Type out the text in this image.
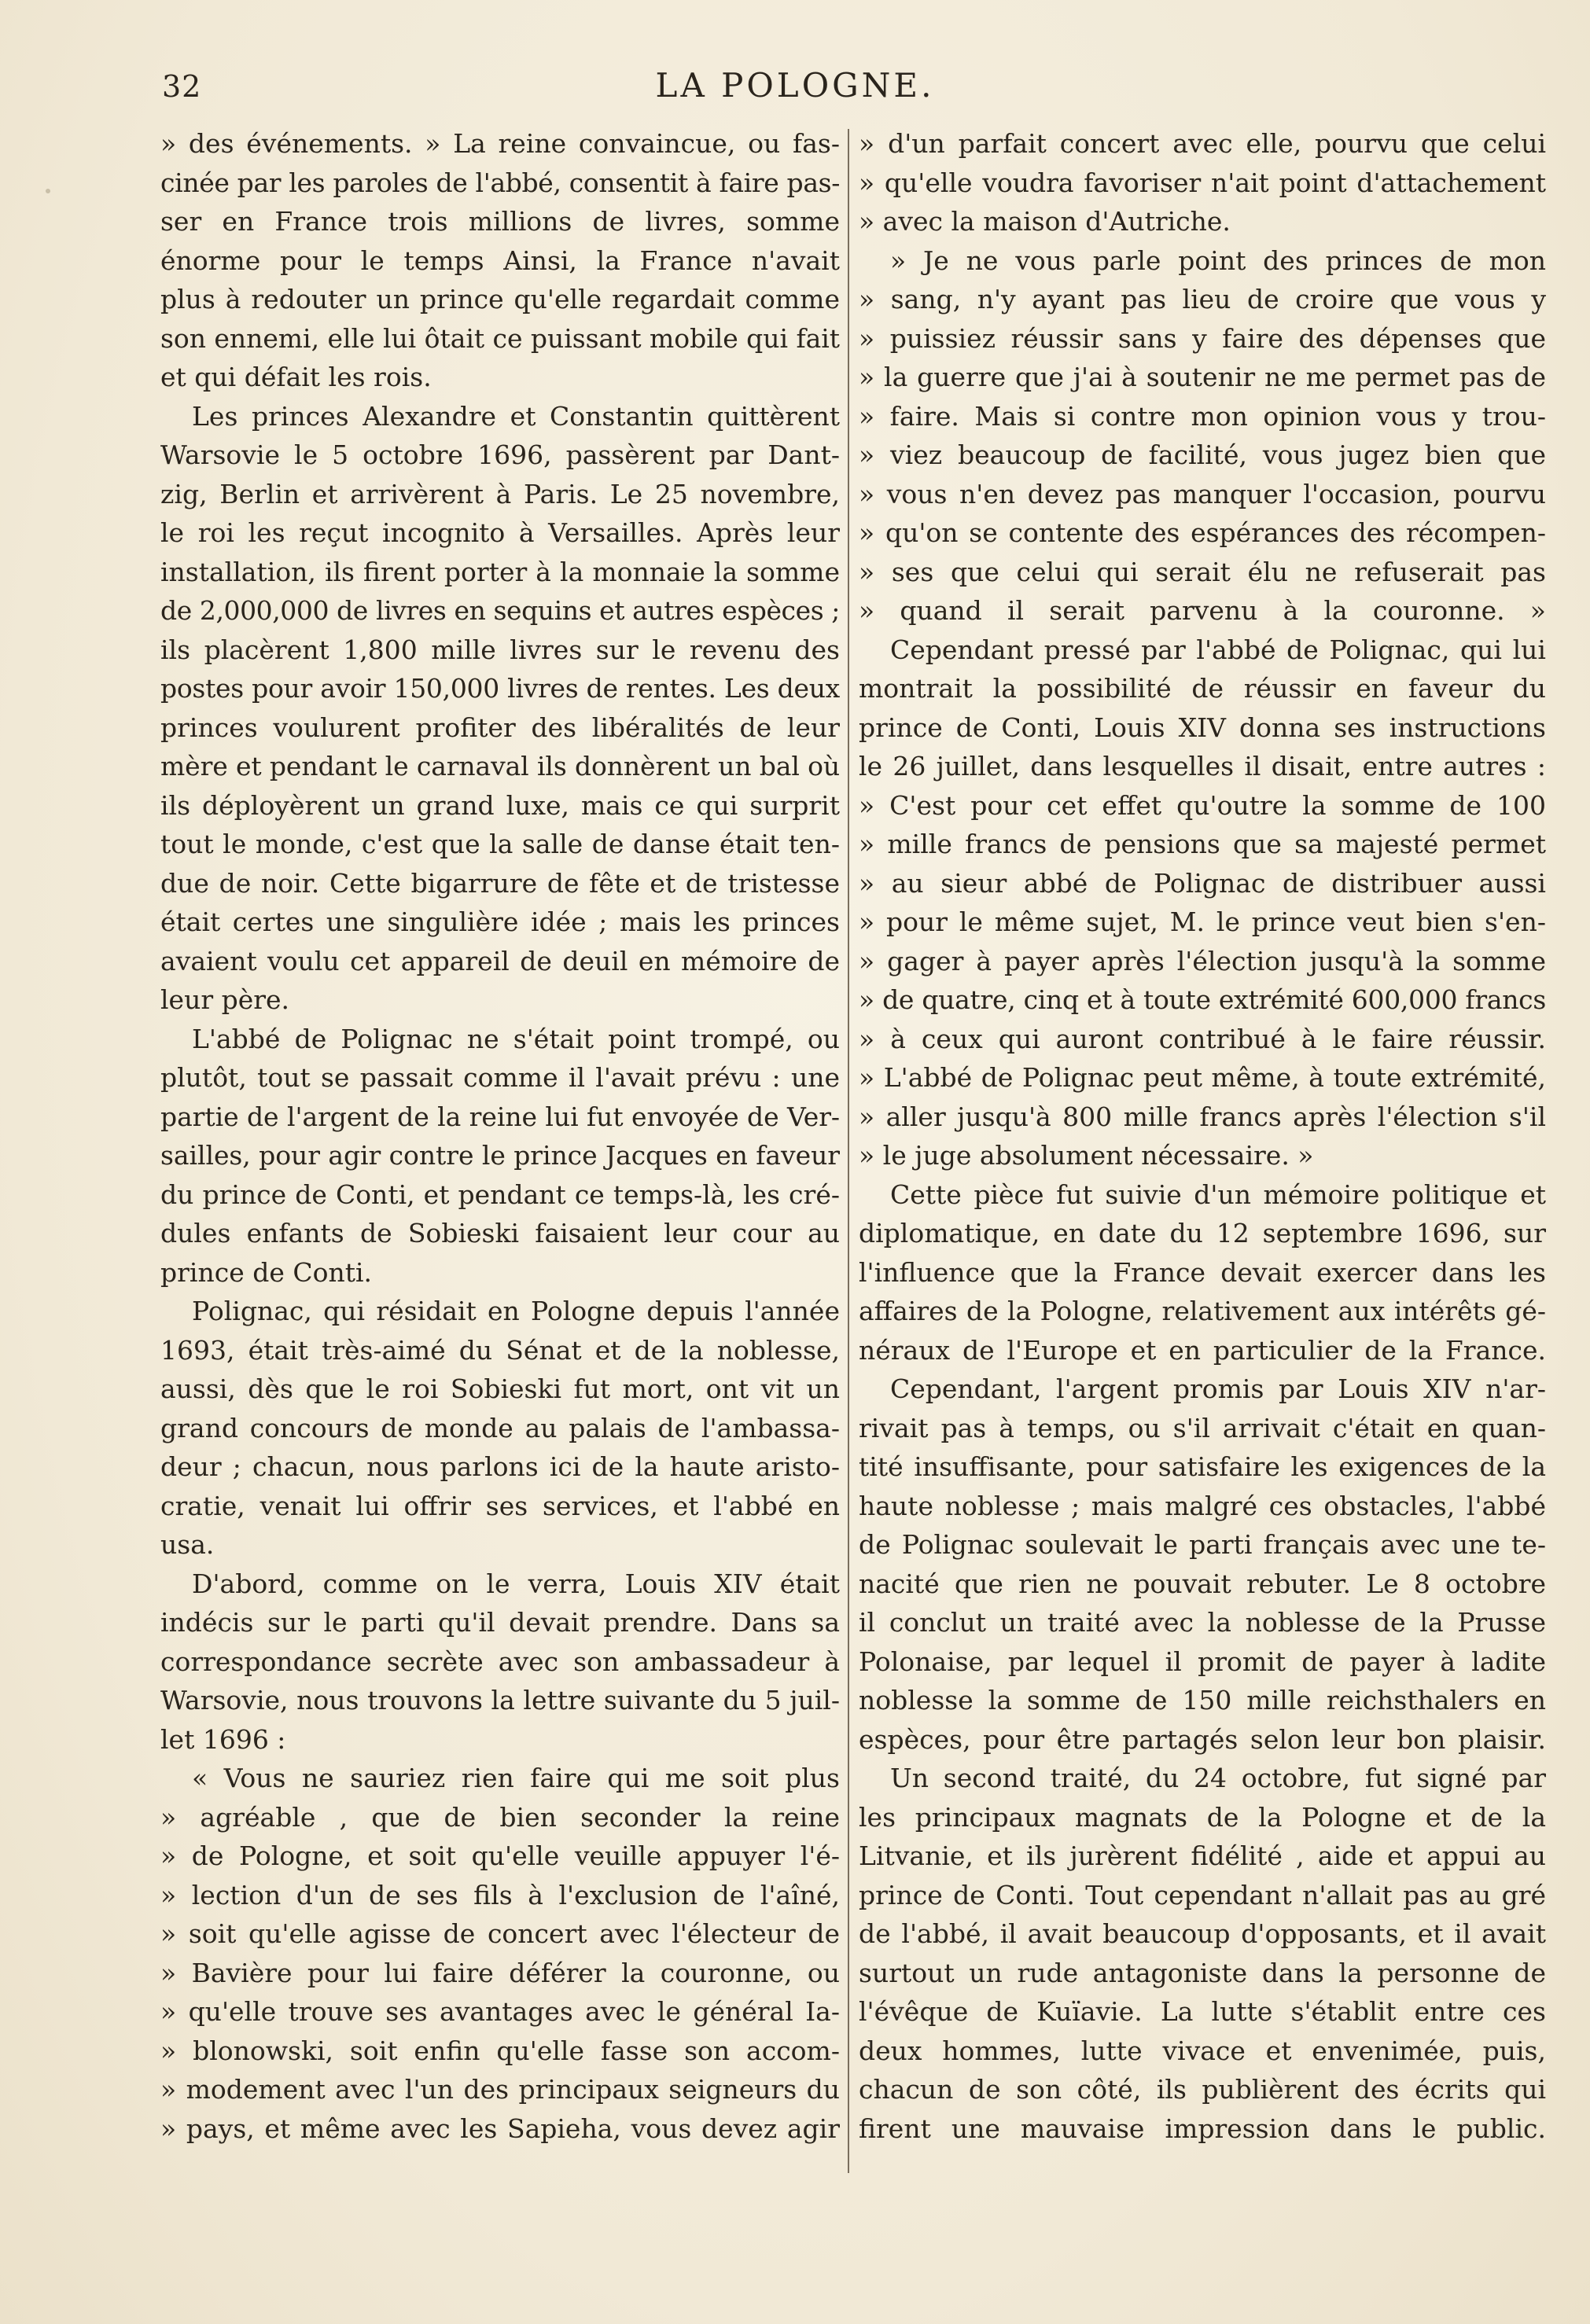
32	LA POLOGNE.
» des événements. » La reine convaincue, ou fas-
cinée par les paroles de l'abbé, consentit à faire pas-
ser en France trois millions de livres, somme
énorme pour le temps Ainsi, la France n'avait
plus à redouter un prince qu'elle regardait comme
son ennemi, elle lui ôtait ce puissant mobile qui fait
et qui défait les rois.
Les princes Alexandre et Constantin quittèrent
Warsovie le 5 octobre 1696, passèrent par Dant-
zig, Berlin et arrivèrent à Paris. Le 25 novembre,
le roi les reçut incognito à Versailles. Après leur
installation, ils firent porter à la monnaie la somme
de 2,000,000 de livres en sequins et autres espèces ;
ils placèrent 1,800 mille livres sur le revenu des
postes pour avoir 150,000 livres de rentes. Les deux
princes voulurent profiter des libéralités de leur
mère et pendant le carnaval ils donnèrent un bal où
ils déployèrent un grand luxe, mais ce qui surprit
tout le monde, c'est que la salle de danse était ten-
due de noir. Cette bigarrure de fête et de tristesse
était certes une singulière idée ; mais les princes
avaient voulu cet appareil de deuil en mémoire de
leur père.
L'abbé de Polignac ne s'était point trompé, ou
plutôt, tout se passait comme il l'avait prévu : une
partie de l'argent de la reine lui fut envoyée de Ver-
sailles, pour agir contre le prince Jacques en faveur
du prince de Conti, et pendant ce temps-là, les cré-
dules enfants de Sobieski faisaient leur cour au
prince de Conti.
Polignac, qui résidait en Pologne depuis l'année
1693, était très-aimé du Sénat et de la noblesse,
aussi, dès que le roi Sobieski fut mort, ont vit un
grand concours de monde au palais de l'ambassa-
deur ; chacun, nous parlons ici de la haute aristo-
cratie, venait lui offrir ses services, et l'abbé en
usa.
D'abord, comme on le verra, Louis XIV était
indécis sur le parti qu'il devait prendre. Dans sa
correspondance secrète avec son ambassadeur à
Warsovie, nous trouvons la lettre suivante du 5 juil-
let 1696 :
« Vous ne sauriez rien faire qui me soit plus
» agréable , que de bien seconder la reine
» de Pologne, et soit qu'elle veuille appuyer l'é-
» lection d'un de ses fils à l'exclusion de l'aîné,
» soit qu'elle agisse de concert avec l'électeur de
» Bavière pour lui faire déférer la couronne, ou
» qu'elle trouve ses avantages avec le général Ia-
» blonowski, soit enfin qu'elle fasse son accom-
» modement avec l'un des principaux seigneurs du
» pays, et même avec les Sapieha, vous devez agir
» d'un parfait concert avec elle, pourvu que celui
» qu'elle voudra favoriser n'ait point d'attachement
» avec la maison d'Autriche.
» Je ne vous parle point des princes de mon
» sang, n'y ayant pas lieu de croire que vous y
» puissiez réussir sans y faire des dépenses que
» la guerre que j'ai à soutenir ne me permet pas de
» faire. Mais si contre mon opinion vous y trou-
» viez beaucoup de facilité, vous jugez bien que
» vous n'en devez pas manquer l'occasion, pourvu
» qu'on se contente des espérances des récompen-
» ses que celui qui serait élu ne refuserait pas
» quand il serait parvenu à la couronne. »
Cependant pressé par l'abbé de Polignac, qui lui
montrait la possibilité de réussir en faveur du
prince de Conti, Louis XIV donna ses instructions
le 26 juillet, dans lesquelles il disait, entre autres :
» C'est pour cet effet qu'outre la somme de 100
» mille francs de pensions que sa majesté permet
» au sieur abbé de Polignac de distribuer aussi
» pour le même sujet, M. le prince veut bien s'en-
» gager à payer après l'élection jusqu'à la somme
» de quatre, cinq et à toute extrémité 600,000 francs
» à ceux qui auront contribué à le faire réussir.
» L'abbé de Polignac peut même, à toute extrémité,
» aller jusqu'à 800 mille francs après l'élection s'il
» le juge absolument nécessaire. »
Cette pièce fut suivie d'un mémoire politique et
diplomatique, en date du 12 septembre 1696, sur
l'influence que la France devait exercer dans les
affaires de la Pologne, relativement aux intérêts gé-
néraux de l'Europe et en particulier de la France.
Cependant, l'argent promis par Louis XIV n'ar-
rivait pas à temps, ou s'il arrivait c'était en quan-
tité insuffisante, pour satisfaire les exigences de la
haute noblesse ; mais malgré ces obstacles, l'abbé
de Polignac soulevait le parti français avec une te-
nacité que rien ne pouvait rebuter. Le 8 octobre
il conclut un traité avec la noblesse de la Prusse
Polonaise, par lequel il promit de payer à ladite
noblesse la somme de 150 mille reichsthalers en
espèces, pour être partagés selon leur bon plaisir.
Un second traité, du 24 octobre, fut signé par
les principaux magnats de la Pologne et de la
Litvanie, et ils jurèrent fidélité , aide et appui au
prince de Conti. Tout cependant n'allait pas au gré
de l'abbé, il avait beaucoup d'opposants, et il avait
surtout un rude antagoniste dans la personne de
l'évêque de Kuïavie. La lutte s'établit entre ces
deux hommes, lutte vivace et envenimée, puis,
chacun de son côté, ils publièrent des écrits qui
firent une mauvaise impression dans le public.
